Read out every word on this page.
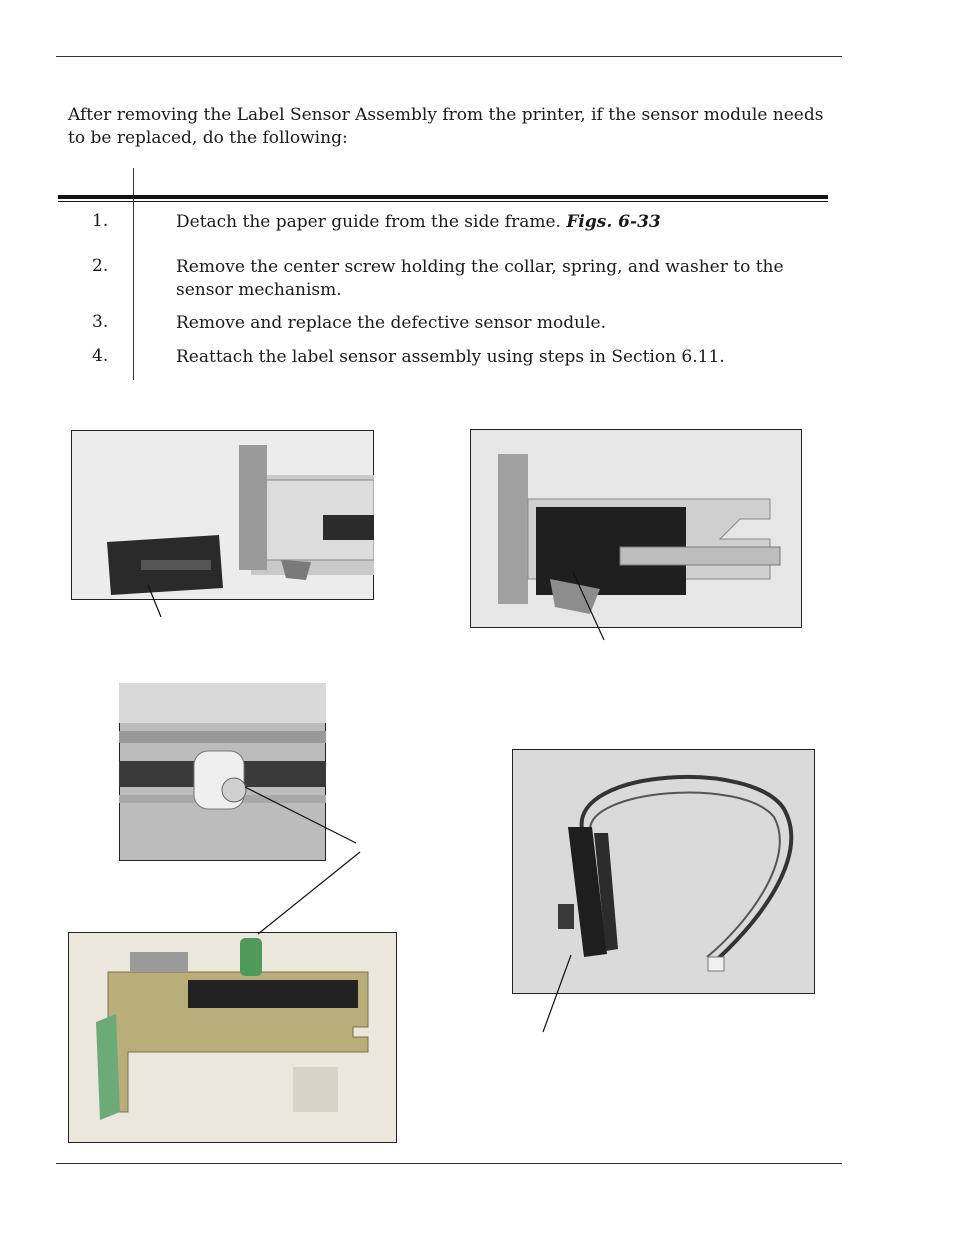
After removing the Label Sensor Assembly from the printer, if the sensor module needs to be replaced, do the following:

1.	Detach the paper guide from the side frame. Figs. 6-33
2.	Remove the center screw holding the collar, spring, and washer to the sensor mechanism.
3.	Remove and replace the defective sensor module.
4.	Reattach the label sensor assembly using steps in Section 6.11.
